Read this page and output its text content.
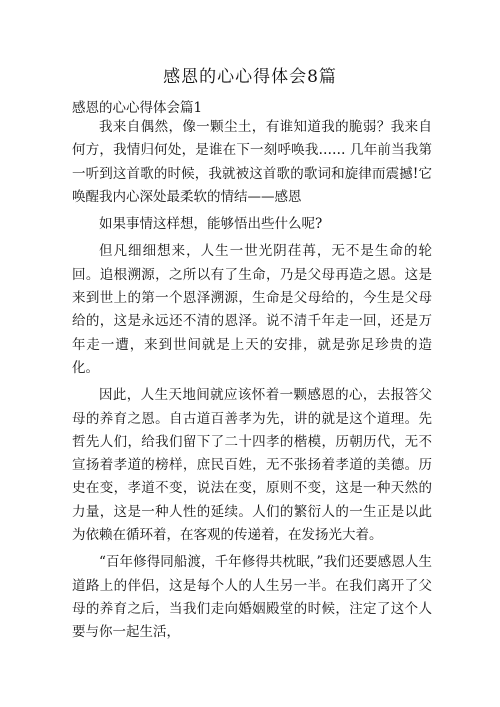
感恩的心心得体会8篇
感恩的心心得体会篇1

我来自偶然，像一颗尘土，有谁知道我的脆弱？我来自何方，我情归何处，是谁在下一刻呼唤我…… 几年前当我第一听到这首歌的时候，我就被这首歌的歌词和旋律而震撼!它唤醒我内心深处最柔软的情结——感恩

如果事情这样想，能够悟出些什么呢?

但凡细细想来，人生一世光阴荏苒，无不是生命的轮回。追根溯源，之所以有了生命，乃是父母再造之恩。这是来到世上的第一个恩泽溯源，生命是父母给的，今生是父母给的，这是永远还不清的恩泽。说不清千年走一回，还是万年走一遭，来到世间就是上天的安排，就是弥足珍贵的造化。

因此，人生天地间就应该怀着一颗感恩的心，去报答父母的养育之恩。自古道百善孝为先，讲的就是这个道理。先哲先人们，给我们留下了二十四孝的楷模，历朝历代，无不宣扬着孝道的榜样，庶民百姓，无不张扬着孝道的美德。历史在变，孝道不变，说法在变，原则不变，这是一种天然的力量，这是一种人性的延续。人们的繁衍人的一生正是以此为依赖在循环着，在客观的传递着，在发扬光大着。

“百年修得同船渡，千年修得共枕眠，”我们还要感恩人生道路上的伴侣，这是每个人的人生另一半。在我们离开了父母的养育之后，当我们走向婚姻殿堂的时候，注定了这个人要与你一起生活，
